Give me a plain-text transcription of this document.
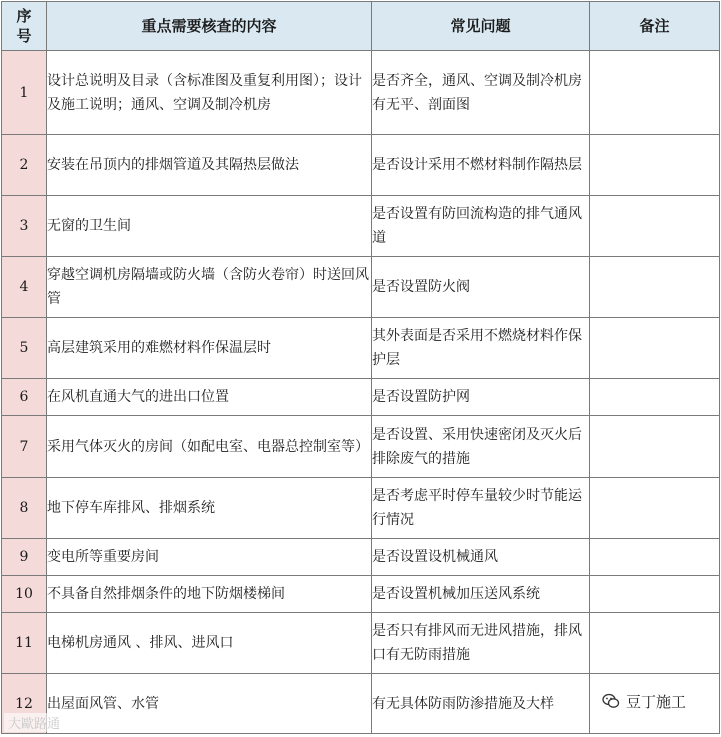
序
号	重点需要核查的内容	常见问题	备注
1	设计总说明及目录（含标准图及重复利用图）；设计及施工说明；通风、空调及制冷机房	是否齐全，通风、空调及制冷机房有无平、剖面图	
2	安装在吊顶内的排烟管道及其隔热层做法	是否设计采用不燃材料制作隔热层	
3	无窗的卫生间	是否设置有防回流构造的排气通风道	
4	穿越空调机房隔墙或防火墙（含防火卷帘）时送回风管	是否设置防火阀	
5	高层建筑采用的难燃材料作保温层时	其外表面是否采用不燃烧材料作保护层	
6	在风机直通大气的进出口位置	是否设置防护网	
7	采用气体灭火的房间（如配电室、电器总控制室等）	是否设置、采用快速密闭及灭火后排除废气的措施	
8	地下停车库排风、排烟系统	是否考虑平时停车量较少时节能运行情况	
9	变电所等重要房间	是否设置设机械通风	
10	不具备自然排烟条件的地下防烟楼梯间	是否设置机械加压送风系统	
11	电梯机房通风 、排风、进风口	是否只有排风而无进风措施，排风口有无防雨措施	
12	出屋面风管、水管	有无具体防雨防渗措施及大样	
大歐路通
豆丁施工
